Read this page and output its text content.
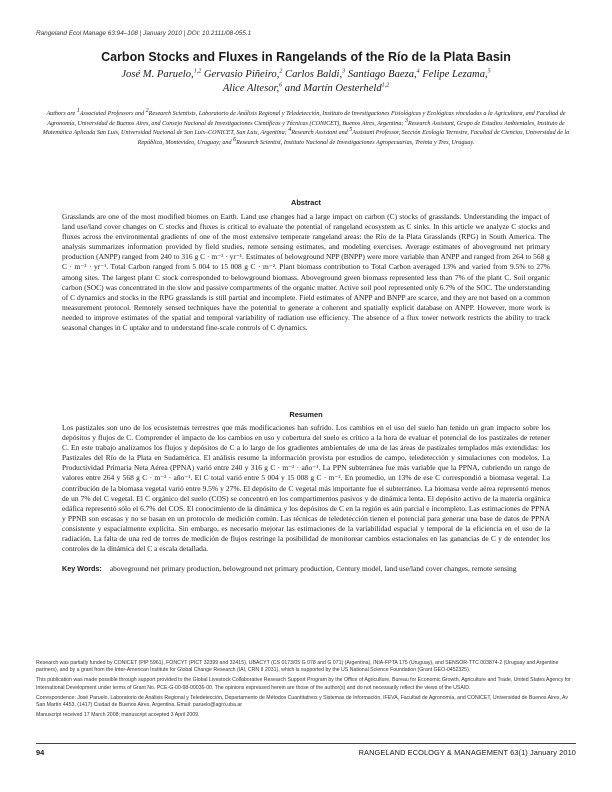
Rangeland Ecol Manage 63:94–108 | January 2010 | DOI: 10.2111/08-055.1
Carbon Stocks and Fluxes in Rangelands of the Río de la Plata Basin
José M. Paruelo,$^{1,2}$ Gervasio Piñeiro,$^2$ Carlos Baldi,$^3$ Santiago Baeza,$^4$ Felipe Lezama,$^5$
Alice Altesor,$^6$ and Martín Oesterheld$^{1,2}$
Authors are $^1$Associated Professors and $^2$Research Scientists, Laboratorio de Análisis Regional y Teledetección, Instituto de Investigaciones Fisiológicas y Ecológicas vinculadas a la Agricultura, and Facultad de Agronomía, Universidad de Buenos Aires, and Consejo Nacional de Investigaciones Científicas y Técnicas (CONICET), Buenos Aires, Argentina; $^3$Research Assistant, Grupo de Estudios Ambientales, Instituto de Matemática Aplicada San Luis, Universidad Nacional de San Luis–CONICET, San Luis, Argentina; $^4$Research Assistant and $^5$Assistant Professor, Sección Ecología Terrestre, Facultad de Ciencias, Universidad de la República, Montevideo, Uruguay; and $^6$Research Scientist, Instituto Nacional de Investigaciones Agropecuarias, Treinta y Tres, Uruguay.
Abstract

Grasslands are one of the most modified biomes on Earth. Land use changes had a large impact on carbon (C) stocks of grasslands. Understanding the impact of land use/land cover changes on C stocks and fluxes is critical to evaluate the potential of rangeland ecosystem as C sinks. In this article we analyze C stocks and fluxes across the environmental gradients of one of the most extensive temperate rangeland areas: the Río de la Plata Grasslands (RPG) in South America. The analysis summarizes information provided by field studies, remote sensing estimates, and modeling exercises. Average estimates of aboveground net primary production (ANPP) ranged from 240 to 316 g C · m⁻² · yr⁻¹. Estimates of belowground NPP (BNPP) were more variable than ANPP and ranged from 264 to 568 g C · m⁻² · yr⁻¹. Total Carbon ranged from 5 004 to 15 008 g C · m⁻². Plant biomass contribution to Total Carbon averaged 13% and varied from 9.5% to 27% among sites. The largest plant C stock corresponded to belowground biomass. Aboveground green biomass represented less than 7% of the plant C. Soil organic carbon (SOC) was concentrated in the slow and passive compartments of the organic matter. Active soil pool represented only 6.7% of the SOC. The understanding of C dynamics and stocks in the RPG grasslands is still partial and incomplete. Field estimates of ANPP and BNPP are scarce, and they are not based on a common measurement protocol. Remotely sensed techniques have the potential to generate a coherent and spatially explicit database on ANPP. However, more work is needed to improve estimates of the spatial and temporal variability of radiation use efficiency. The absence of a flux tower network restricts the ability to track seasonal changes in C uptake and to understand fine-scale controls of C dynamics.

Resumen

Los pastizales son uno de los ecosistemas terrestres que más modificaciones han sufrido. Los cambios en el uso del suelo han tenido un gran impacto sobre los depósitos y flujos de C. Comprender el impacto de los cambios en uso y cobertura del suelo es crítico a la hora de evaluar el potencial de los pastizales de retener C. En este trabajo analizamos los flujos y depósitos de C a lo largo de los gradientes ambientales de una de las áreas de pastizales templados más extendidas: los Pastizales del Río de la Plata en Sudamérica. El análisis resume la información provista por estudios de campo, teledetección y simulaciones con modelos. La Productividad Primaria Neta Aérea (PPNA) varió entre 240 y 316 g C · m⁻² · año⁻¹. La PPN subterránea fue más variable que la PPNA, cubriendo un rango de valores entre 264 y 568 g C · m⁻² · año⁻¹. El C total varió entre 5 004 y 15 008 g C · m⁻². En promedio, un 13% de ese C correspondió a biomasa vegetal. La contribución de la biomasa vegetal varió entre 9.5% y 27%. El depósito de C vegetal más importante fue el subterráneo. La biomasa verde aérea representó menos de un 7% del C vegetal. El C orgánico del suelo (COS) se concentró en los compartimentos pasivos y de dinámica lenta. El depósito activo de la materia orgánica edáfica representó sólo el 6.7% del COS. El conocimiento de la dinámica y los depósitos de C en la región es aún parcial e incompleto. Las estimaciones de PPNA y PPNB son escasas y no se basan en un protocolo de medición común. Las técnicas de teledetección tienen el potencial para generar una base de datos de PPNA consistente y espacialmente explícita. Sin embargo, es necesario mejorar las estimaciones de la variabilidad espacial y temporal de la eficiencia en el uso de la radiación. La falta de una red de torres de medición de flujos restringe la posibilidad de monitorear cambios estacionales en las ganancias de C y de entender los controles de la dinámica del C a escala detallada.

Key Words: aboveground net primary production, belowground net primary production, Century model, land use/land cover changes, remote sensing

Research was partially funded by CONICET (PIP 5961), FONCYT (PICT 32399 and 32415), UBACYT (CS 0173/05 G 078 and G 071) (Argentina), INIA-FPTA 175 (Uruguay), and SENSOR-TTC 003874-2 (Uruguay and Argentine partners), and by a grant from the Inter-American Institute for Global Change Research (IAI, CRN II 2031), which is supported by the US National Science Foundation (Grant GEO-0452325).

This publication was made possible through support provided to the Global Livestock Collaborative Research Support Program by the Office of Agriculture, Bureau for Economic Growth, Agriculture and Trade, United States Agency for International Development under terms of Grant No. PCE-G-00-98-00036-00. The opinions expressed herein are those of the author(s) and do not necessarily reflect the views of the USAID.

Correspondence: José Paruelo, Laboratorio de Análisis Regional y Teledetección, Departamento de Métodos Cuantitativos y Sistemas de Información, IFEVA, Facultad de Agronomía, and CONICET, Universidad de Buenos Aires, Av San Martín 4453, (1417) Ciudad de Buenos Aires, Argentina. Email: paruelo@agro.uba.ar

Manuscript received 17 March 2008; manuscript accepted 3 April 2009.

94	RANGELAND ECOLOGY & MANAGEMENT 63(1) January 2010
